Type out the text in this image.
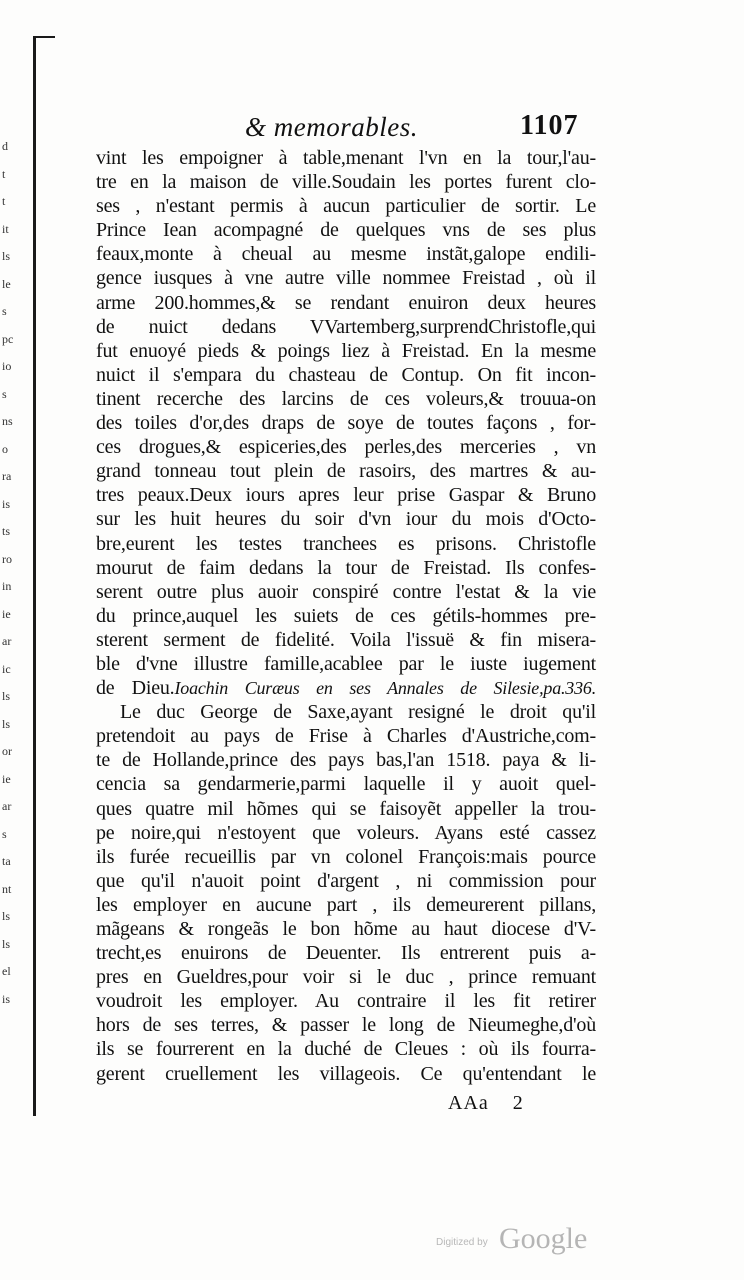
d
t
t
it
ls
le
s
pc
io
s
ns
o
ra
is
ts
ro
in
ie
ar
ic
ls
ls
or
ie
ar
s
ta
nt
ls
ls
el
is
& memorables.	1107
vint les empoigner à table,menant l'vn en la tour,l'au-
tre en la maison de ville.Soudain les portes furent clo-
ses , n'estant permis à aucun particulier de sortir. Le
Prince Iean acompagné de quelques vns de ses plus
feaux,monte à cheual au mesme instãt,galope endili-
gence iusques à vne autre ville nommee Freistad , où il
arme 200.hommes,& se rendant enuiron deux heures
de nuict dedans VVartemberg,surprendChristofle,qui
fut enuoyé pieds & poings liez à Freistad. En la mesme
nuict il s'empara du chasteau de Contup. On fit incon-
tinent recerche des larcins de ces voleurs,& trouua-on
des toiles d'or,des draps de soye de toutes façons , for-
ces drogues,& espiceries,des perles,des merceries , vn
grand tonneau tout plein de rasoirs, des martres & au-
tres peaux.Deux iours apres leur prise Gaspar & Bruno
sur les huit heures du soir d'vn iour du mois d'Octo-
bre,eurent les testes tranchees es prisons. Christofle
mourut de faim dedans la tour de Freistad. Ils confes-
serent outre plus auoir conspiré contre l'estat & la vie
du prince,auquel les suiets de ces gétils-hommes pre-
sterent serment de fidelité. Voila l'issuë & fin misera-
ble d'vne illustre famille,acablee par le iuste iugement
de Dieu.Ioachin Curæus en ses Annales de Silesie,pa.336.
Le duc George de Saxe,ayant resigné le droit qu'il
pretendoit au pays de Frise à Charles d'Austriche,com-
te de Hollande,prince des pays bas,l'an 1518. paya & li-
cencia sa gendarmerie,parmi laquelle il y auoit quel-
ques quatre mil hõmes qui se faisoyẽt appeller la trou-
pe noire,qui n'estoyent que voleurs. Ayans esté cassez
ils furée recueillis par vn colonel François:mais pource
que qu'il n'auoit point d'argent , ni commission pour
les employer en aucune part , ils demeurerent pillans,
mãgeans & rongeãs le bon hõme au haut diocese d'V-
trecht,es enuirons de Deuenter. Ils entrerent puis a-
pres en Gueldres,pour voir si le duc , prince remuant
voudroit les employer. Au contraire il les fit retirer
hors de ses terres, & passer le long de Nieumeghe,d'où
ils se fourrerent en la duché de Cleues : où ils fourra-
gerent cruellement les villageois. Ce qu'entendant le
AAa 2
Digitized by Google
